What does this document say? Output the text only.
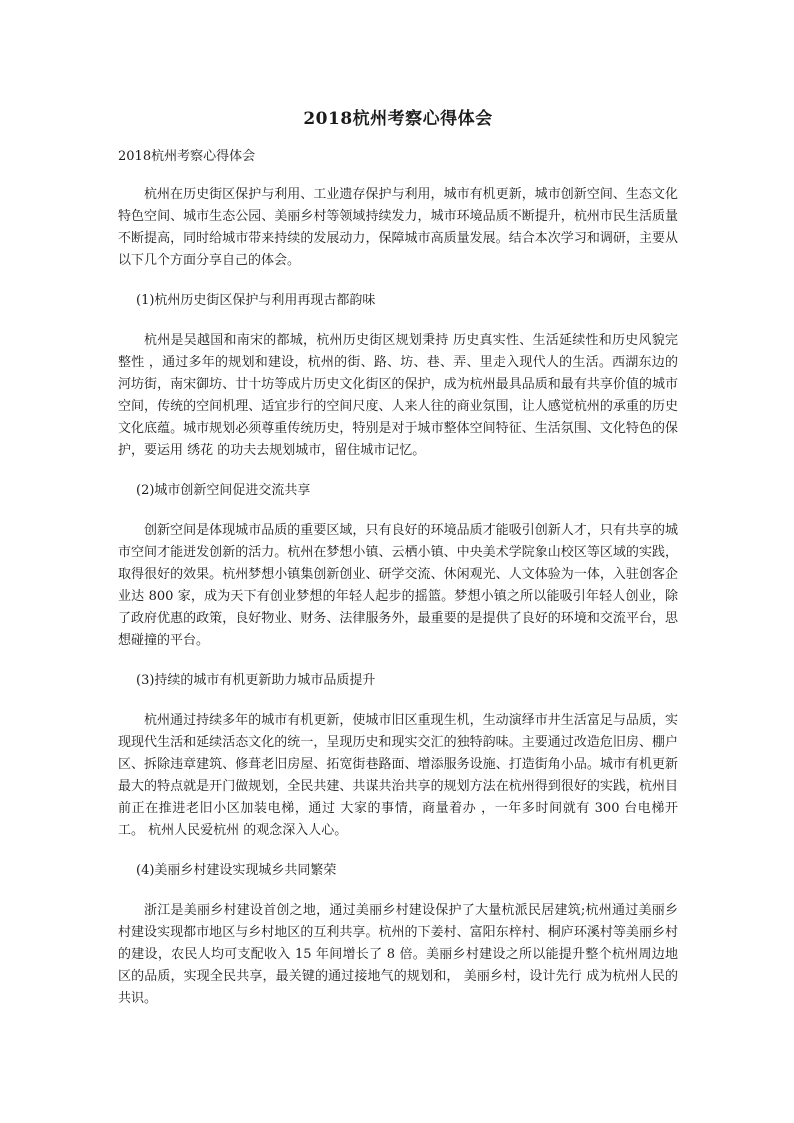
2018杭州考察心得体会
2018杭州考察心得体会

杭州在历史街区保护与利用、工业遗存保护与利用，城市有机更新，城市创新空间、生态文化特色空间、城市生态公园、美丽乡村等领域持续发力，城市环境品质不断提升，杭州市民生活质量不断提高，同时给城市带来持续的发展动力，保障城市高质量发展。结合本次学习和调研，主要从以下几个方面分享自己的体会。

(1)杭州历史街区保护与利用再现古都韵味

杭州是吴越国和南宋的都城，杭州历史街区规划秉持 历史真实性、生活延续性和历史风貌完整性 ，通过多年的规划和建设，杭州的街、路、坊、巷、弄、里走入现代人的生活。西湖东边的河坊街，南宋御坊、廿十坊等成片历史文化街区的保护，成为杭州最具品质和最有共享价值的城市空间，传统的空间机理、适宜步行的空间尺度、人来人往的商业氛围，让人感觉杭州的承重的历史文化底蕴。城市规划必须尊重传统历史，特别是对于城市整体空间特征、生活氛围、文化特色的保护，要运用 绣花 的功夫去规划城市，留住城市记忆。

(2)城市创新空间促进交流共享

创新空间是体现城市品质的重要区域，只有良好的环境品质才能吸引创新人才，只有共享的城市空间才能迸发创新的活力。杭州在梦想小镇、云栖小镇、中央美术学院象山校区等区域的实践，取得很好的效果。杭州梦想小镇集创新创业、研学交流、休闲观光、人文体验为一体，入驻创客企业达 800 家，成为天下有创业梦想的年轻人起步的摇篮。梦想小镇之所以能吸引年轻人创业，除了政府优惠的政策，良好物业、财务、法律服务外，最重要的是提供了良好的环境和交流平台，思想碰撞的平台。

(3)持续的城市有机更新助力城市品质提升

杭州通过持续多年的城市有机更新，使城市旧区重现生机，生动演绎市井生活富足与品质，实现现代生活和延续活态文化的统一，呈现历史和现实交汇的独特韵味。主要通过改造危旧房、棚户区、拆除违章建筑、修葺老旧房屋、拓宽街巷路面、增添服务设施、打造街角小品。城市有机更新最大的特点就是开门做规划，全民共建、共谋共治共享的规划方法在杭州得到很好的实践，杭州目前正在推进老旧小区加装电梯，通过 大家的事情，商量着办 ，一年多时间就有 300 台电梯开工。 杭州人民爱杭州 的观念深入人心。

(4)美丽乡村建设实现城乡共同繁荣

浙江是美丽乡村建设首创之地，通过美丽乡村建设保护了大量杭派民居建筑;杭州通过美丽乡村建设实现都市地区与乡村地区的互利共享。杭州的下姜村、富阳东梓村、桐庐环溪村等美丽乡村的建设，农民人均可支配收入 15 年间增长了 8 倍。美丽乡村建设之所以能提升整个杭州周边地区的品质，实现全民共享，最关键的通过接地气的规划和， 美丽乡村，设计先行 成为杭州人民的共识。
